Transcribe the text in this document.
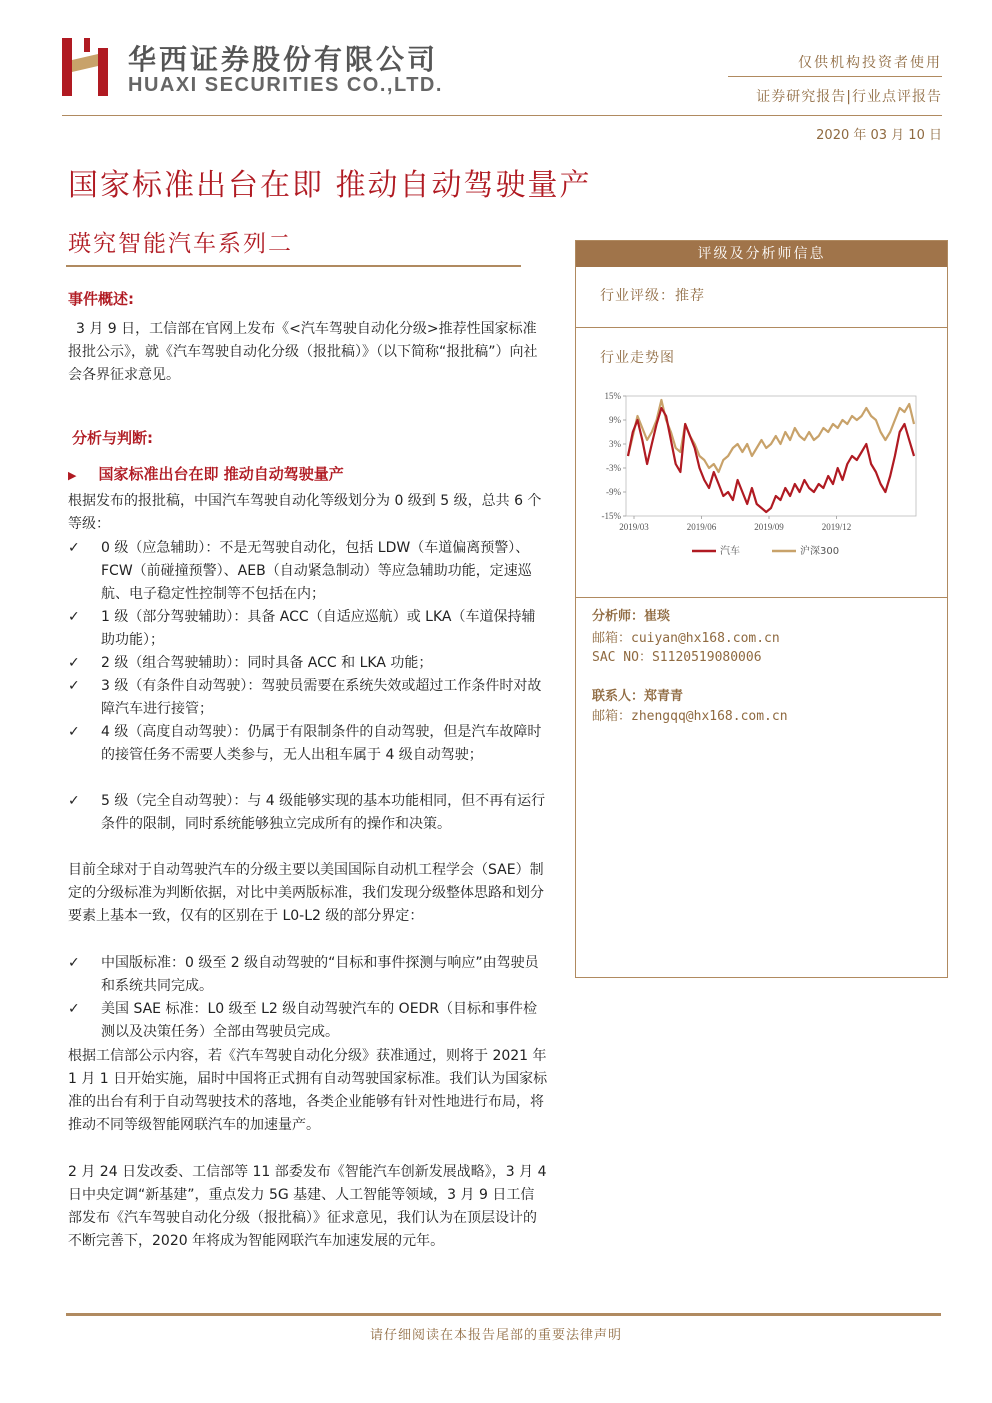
华西证券股份有限公司
HUAXI SECURITIES CO.,LTD.
仅供机构投资者使用
证券研究报告|行业点评报告
2020 年 03 月 10 日
国家标准出台在即 推动自动驾驶量产
瑛究智能汽车系列二
事件概述:
3 月 9 日，工信部在官网上发布《<汽车驾驶自动化分级>推荐性国家标准报批公示》，就《汽车驾驶自动化分级（报批稿）》（以下简称“报批稿”）向社会各界征求意见。
分析与判断:
▶ 国家标准出台在即 推动自动驾驶量产
根据发布的报批稿，中国汽车驾驶自动化等级划分为 0 级到 5 级，总共 6 个等级：
✓	0 级（应急辅助）：不是无驾驶自动化，包括 LDW（车道偏离预警）、FCW（前碰撞预警）、AEB（自动紧急制动）等应急辅助功能，定速巡航、电子稳定性控制等不包括在内；
✓	1 级（部分驾驶辅助）：具备 ACC（自适应巡航）或 LKA（车道保持辅助功能）；
✓	2 级（组合驾驶辅助）：同时具备 ACC 和 LKA 功能；
✓	3 级（有条件自动驾驶）：驾驶员需要在系统失效或超过工作条件时对故障汽车进行接管；
✓	4 级（高度自动驾驶）：仍属于有限制条件的自动驾驶，但是汽车故障时的接管任务不需要人类参与，无人出租车属于 4 级自动驾驶；
✓	5 级（完全自动驾驶）：与 4 级能够实现的基本功能相同，但不再有运行条件的限制，同时系统能够独立完成所有的操作和决策。
目前全球对于自动驾驶汽车的分级主要以美国国际自动机工程学会（SAE）制定的分级标准为判断依据，对比中美两版标准，我们发现分级整体思路和划分要素上基本一致，仅有的区别在于 L0-L2 级的部分界定：
✓	中国版标准：0 级至 2 级自动驾驶的“目标和事件探测与响应”由驾驶员和系统共同完成。
✓	美国 SAE 标准：L0 级至 L2 级自动驾驶汽车的 OEDR（目标和事件检测以及决策任务）全部由驾驶员完成。
根据工信部公示内容，若《汽车驾驶自动化分级》获准通过，则将于 2021 年 1 月 1 日开始实施，届时中国将正式拥有自动驾驶国家标准。我们认为国家标准的出台有利于自动驾驶技术的落地，各类企业能够有针对性地进行布局，将推动不同等级智能网联汽车的加速量产。
2 月 24 日发改委、工信部等 11 部委发布《智能汽车创新发展战略》，3 月 4 日中央定调“新基建”，重点发力 5G 基建、人工智能等领域，3 月 9 日工信部发布《汽车驾驶自动化分级（报批稿）》征求意见，我们认为在顶层设计的不断完善下，2020 年将成为智能网联汽车加速发展的元年。
评级及分析师信息
行业评级：推荐
行业走势图
分析师：崔琰
邮箱：cuiyan@hx168.com.cn
SAC NO：S1120519080006
联系人：郑青青
邮箱：zhengqq@hx168.com.cn
15%
9%
3%
-3%
-9%
-15%
2019/03	2019/06	2019/09	2019/12
汽车	沪深300
请仔细阅读在本报告尾部的重要法律声明
